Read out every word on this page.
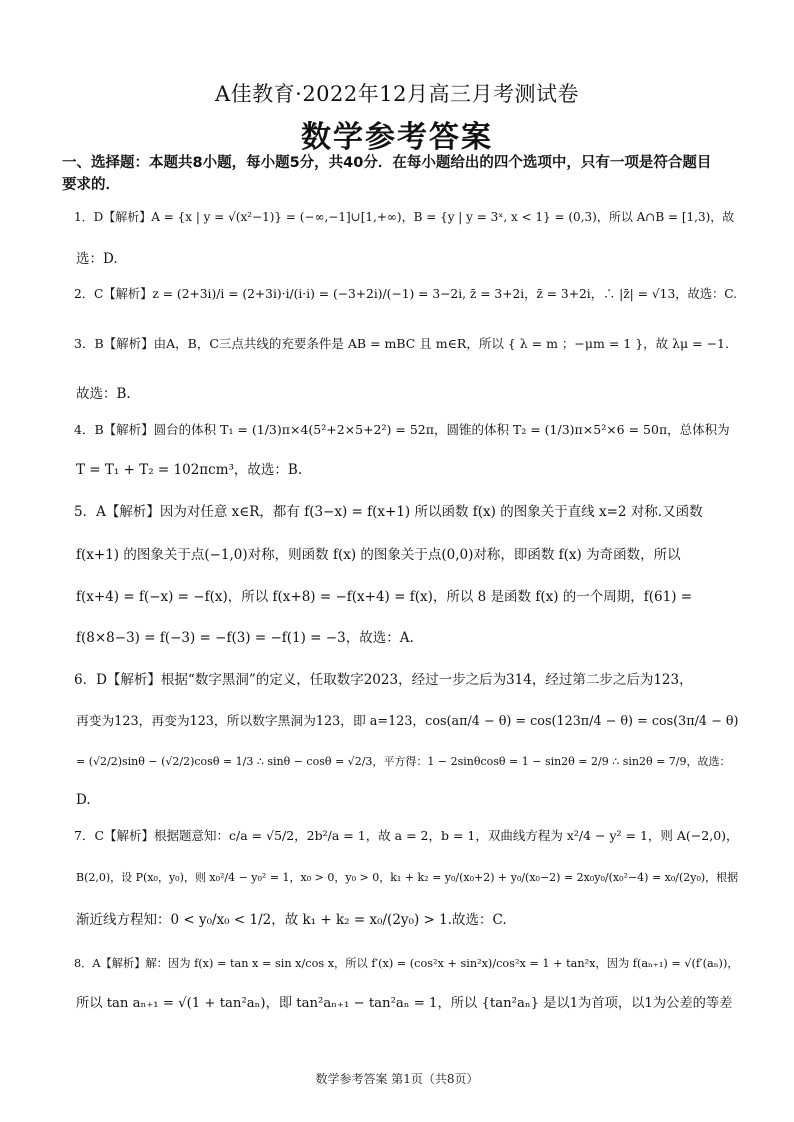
A佳教育·2022年12月高三月考测试卷
数学参考答案
一、选择题：本题共8小题，每小题5分，共40分．在每小题给出的四个选项中，只有一项是符合题目要求的．
1．D【解析】A = {x | y = √(x²−1)} = (−∞,−1]∪[1,+∞)，B = {y | y = 3ˣ, x < 1} = (0,3)，所以 A∩B = [1,3)，故
选：D.
2．C【解析】z = (2+3i)/i = (2+3i)·i/(i·i) = (−3+2i)/(−1) = 3−2i, z̄ = 3+2i，z̄ = 3+2i，∴ |z̄| = √13，故选：C.
3．B【解析】由A，B，C三点共线的充要条件是 AB = mBC 且 m∈R，所以 { λ = m ；−μm = 1 }，故 λμ = −1.
故选：B.
4．B【解析】圆台的体积 T₁ = (1/3)π×4(5²+2×5+2²) = 52π，圆锥的体积 T₂ = (1/3)π×5²×6 = 50π，总体积为
T = T₁ + T₂ = 102πcm³，故选：B.
5．A【解析】因为对任意 x∈R，都有 f(3−x) = f(x+1) 所以函数 f(x) 的图象关于直线 x=2 对称.又函数
f(x+1) 的图象关于点(−1,0)对称，则函数 f(x) 的图象关于点(0,0)对称，即函数 f(x) 为奇函数，所以
f(x+4) = f(−x) = −f(x)，所以 f(x+8) = −f(x+4) = f(x)，所以 8 是函数 f(x) 的一个周期，f(61) =
f(8×8−3) = f(−3) = −f(3) = −f(1) = −3，故选：A.
6．D【解析】根据“数字黑洞”的定义，任取数字2023，经过一步之后为314，经过第二步之后为123，
再变为123，再变为123，所以数字黑洞为123，即 a=123，cos(aπ/4 − θ) = cos(123π/4 − θ) = cos(3π/4 − θ)
= (√2/2)sinθ − (√2/2)cosθ = 1/3 ∴ sinθ − cosθ = √2/3，平方得：1 − 2sinθcosθ = 1 − sin2θ = 2/9 ∴ sin2θ = 7/9，故选：
D.
7．C【解析】根据题意知：c/a = √5/2，2b²/a = 1，故 a = 2，b = 1，双曲线方程为 x²/4 − y² = 1，则 A(−2,0)，
B(2,0)，设 P(x₀，y₀)，则 x₀²/4 − y₀² = 1，x₀ > 0，y₀ > 0，k₁ + k₂ = y₀/(x₀+2) + y₀/(x₀−2) = 2x₀y₀/(x₀²−4) = x₀/(2y₀)，根据
渐近线方程知：0 < y₀/x₀ < 1/2，故 k₁ + k₂ = x₀/(2y₀) > 1.故选：C.
8．A【解析】解：因为 f(x) = tan x = sin x/cos x，所以 f′(x) = (cos²x + sin²x)/cos²x = 1 + tan²x，因为 f(aₙ₊₁) = √(f′(aₙ))，
所以 tan aₙ₊₁ = √(1 + tan²aₙ)，即 tan²aₙ₊₁ − tan²aₙ = 1，所以 {tan²aₙ} 是以1为首项，以1为公差的等差
数学参考答案 第1页（共8页）
